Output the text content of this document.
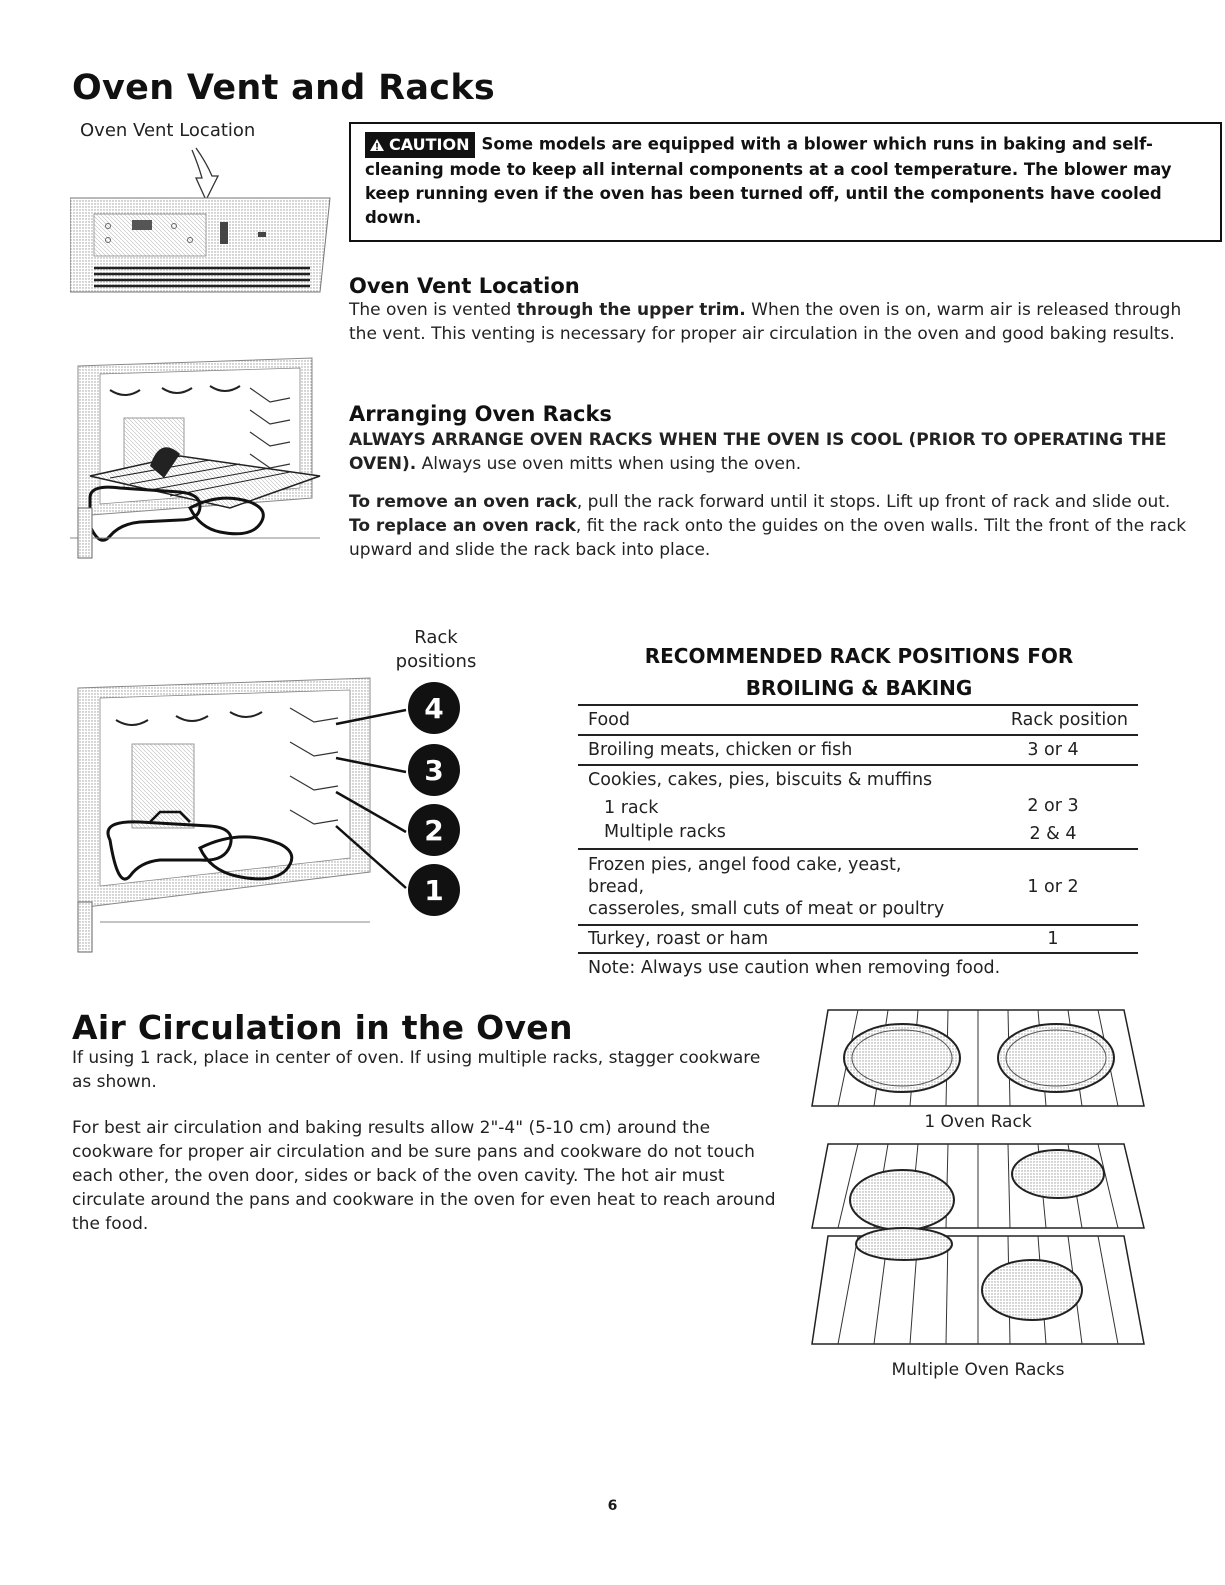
Oven Vent and Racks
Oven Vent Location
CAUTION Some models are equipped with a blower which runs in baking and self-cleaning mode to keep all internal components at a cool temperature. The blower may keep running even if the oven has been turned off, until the components have cooled down.
Oven Vent Location
The oven is vented through the upper trim. When the oven is on, warm air is released through the vent. This venting is necessary for proper air circulation in the oven and good baking results.
Arranging Oven Racks
ALWAYS ARRANGE OVEN RACKS WHEN THE OVEN IS COOL (PRIOR TO OPERATING THE OVEN). Always use oven mitts when using the oven.
To remove an oven rack, pull the rack forward until it stops. Lift up front of rack and slide out.
To replace an oven rack, fit the rack onto the guides on the oven walls. Tilt the front of the rack upward and slide the rack back into place.
Rack
positions
4
3
2
1
RECOMMENDED RACK POSITIONS FOR
BROILING & BAKING
Food	Rack position
Broiling meats, chicken or fish	3 or 4
Cookies, cakes, pies, biscuits & muffins	
1 rack	2 or 3
Multiple racks	2 & 4

Frozen pies, angel food cake, yeast, bread,
casseroles, small cuts of meat or poultry	1 or 2
Turkey, roast or ham	1
Note: Always use caution when removing food.
Air Circulation in the Oven
If using 1 rack, place in center of oven. If using multiple racks, stagger cookware as shown.
For best air circulation and baking results allow 2"-4" (5-10 cm) around the cookware for proper air circulation and be sure pans and cookware do not touch each other, the oven door, sides or back of the oven cavity. The hot air must circulate around the pans and cookware in the oven for even heat to reach around the food.
1 Oven Rack
Multiple Oven Racks
6
